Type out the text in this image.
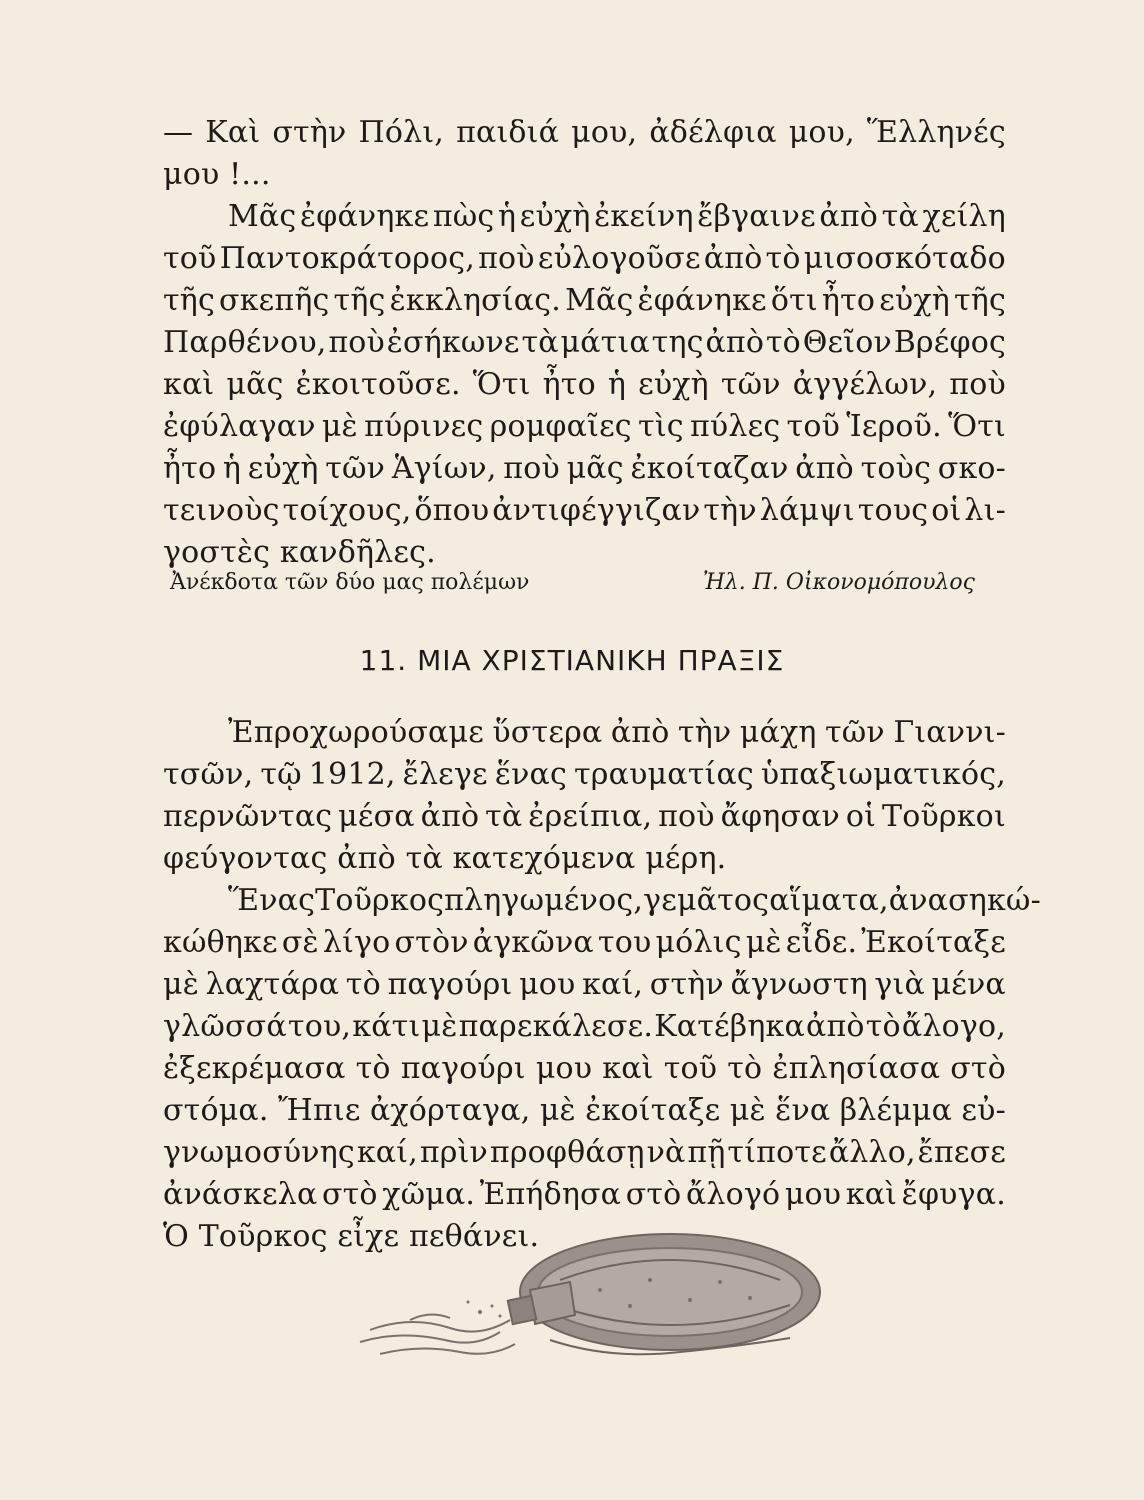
— Καὶ στὴν Πόλι, παιδιά μου, ἀδέλφια μου, Ἕλληνές
μου !...
Μᾶς ἐφάνηκε πὼς ἡ εὐχὴ ἐκείνη ἔβγαινε ἀπὸ τὰ χείλη
τοῦ Παντοκράτορος, ποὺ εὐλογοῦσε ἀπὸ τὸ μισοσκόταδο
τῆς σκεπῆς τῆς ἐκκλησίας. Μᾶς ἐφάνηκε ὅτι ἦτο εὐχὴ τῆς
Παρθένου, ποὺ ἐσήκωνε τὰ μάτια της ἀπὸ τὸ Θεῖον Βρέφος
καὶ μᾶς ἐκοιτοῦσε. Ὅτι ἦτο ἡ εὐχὴ τῶν ἀγγέλων, ποὺ
ἐφύλαγαν μὲ πύρινες ρομφαῖες τὶς πύλες τοῦ Ἱεροῦ. Ὅτι
ἦτο ἡ εὐχὴ τῶν Ἁγίων, ποὺ μᾶς ἐκοίταζαν ἀπὸ τοὺς σκο-
τεινοὺς τοίχους, ὅπου ἀντιφέγγιζαν τὴν λάμψι τους οἱ λι-
γοστὲς κανδῆλες.
Ἀνέκδοτα τῶν δύο μας πολέμων	Ἠλ. Π. Οἰκονομόπουλος
11. ΜΙΑ ΧΡΙΣΤΙΑΝΙΚΗ ΠΡΑΞΙΣ
Ἐπροχωρούσαμε ὕστερα ἀπὸ τὴν μάχη τῶν Γιαννι-
τσῶν, τῷ 1912, ἔλεγε ἕνας τραυματίας ὑπαξιωματικός,
περνῶντας μέσα ἀπὸ τὰ ἐρείπια, ποὺ ἄφησαν οἱ Τοῦρκοι
φεύγοντας ἀπὸ τὰ κατεχόμενα μέρη.
Ἕνας Τοῦρκος πληγωμένος, γεμᾶτος αἵματα, ἀνασηκώ-
κώθηκε σὲ λίγο στὸν ἀγκῶνα του μόλις μὲ εἶδε. Ἐκοίταξε
μὲ λαχτάρα τὸ παγούρι μου καί, στὴν ἄγνωστη γιὰ μένα
γλῶσσά του, κάτι μὲ παρεκάλεσε. Κατέβηκα ἀπὸ τὸ ἄλογο,
ἐξεκρέμασα τὸ παγούρι μου καὶ τοῦ τὸ ἐπλησίασα στὸ
στόμα. Ἤπιε ἀχόρταγα, μὲ ἐκοίταξε μὲ ἕνα βλέμμα εὐ-
γνωμοσύνης καί, πρὶν προφθάσῃ νὰ πῇ τίποτε ἄλλο, ἔπεσε
ἀνάσκελα στὸ χῶμα. Ἐπήδησα στὸ ἄλογό μου καὶ ἔφυγα.
Ὁ Τοῦρκος εἶχε πεθάνει.
